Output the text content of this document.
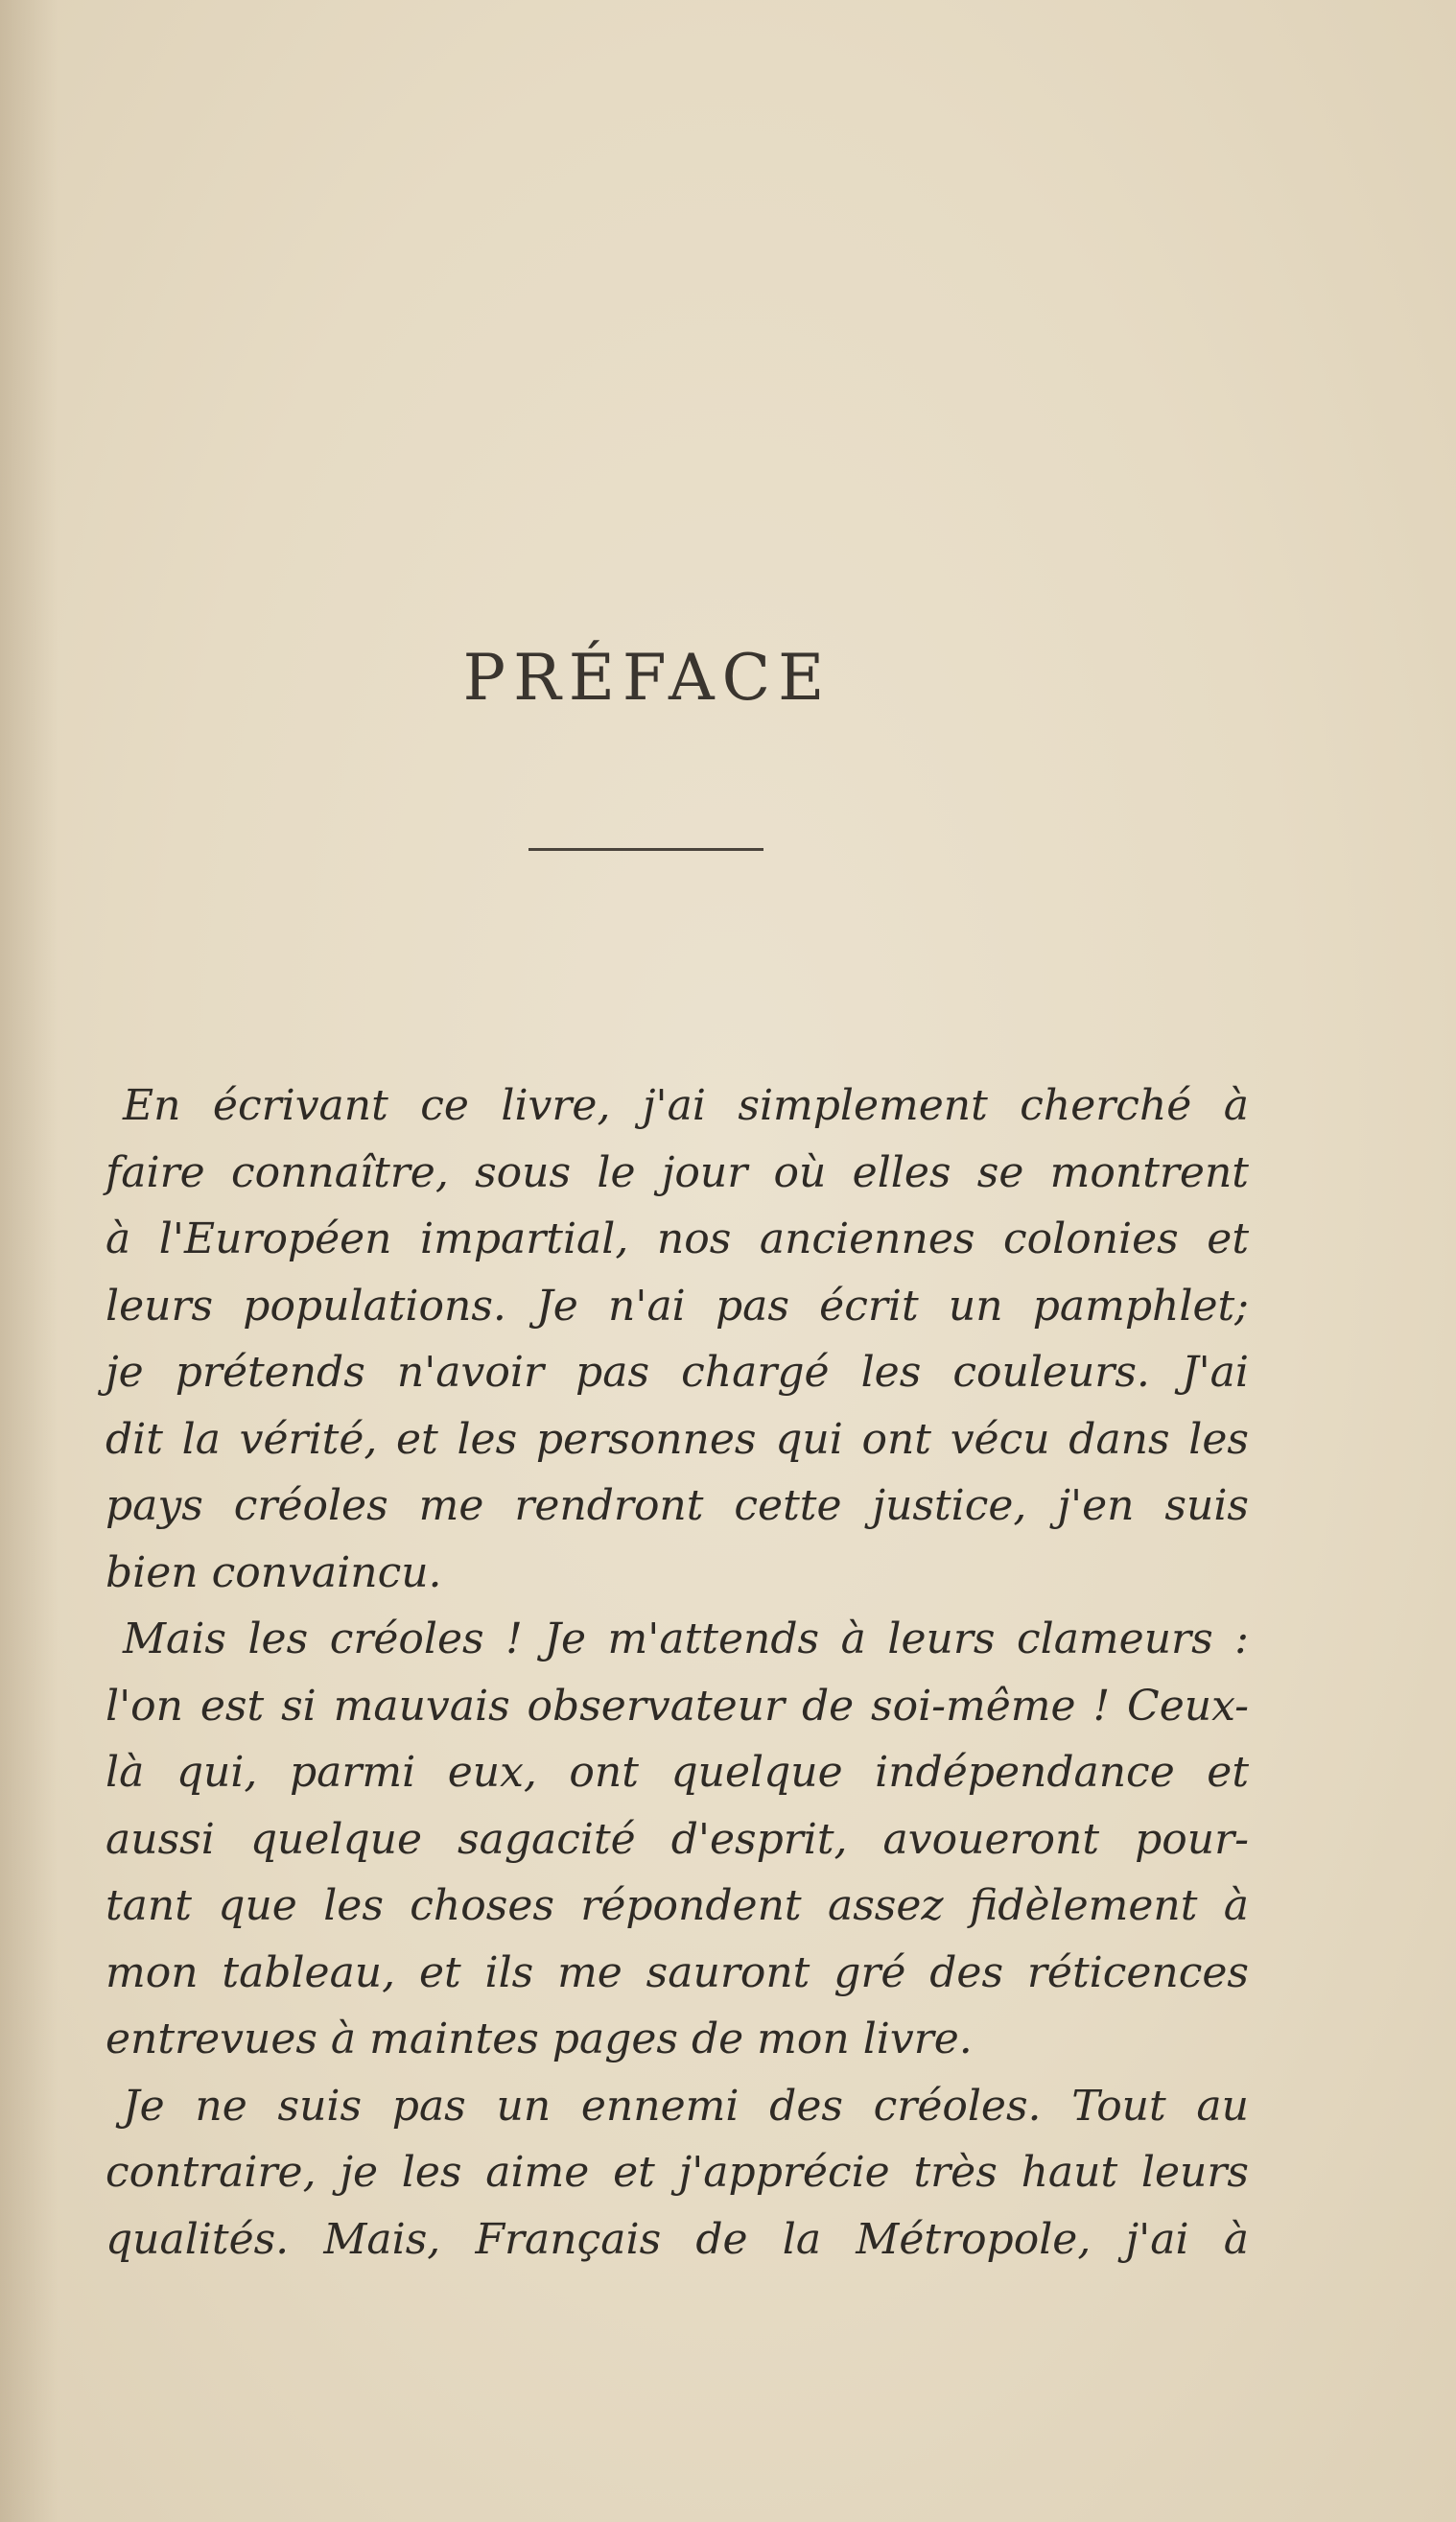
PRÉFACE
En écrivant ce livre, j'ai simplement cherché à
faire connaître, sous le jour où elles se montrent
à l'Européen impartial, nos anciennes colonies et
leurs populations. Je n'ai pas écrit un pamphlet;
je prétends n'avoir pas chargé les couleurs. J'ai
dit la vérité, et les personnes qui ont vécu dans les
pays créoles me rendront cette justice, j'en suis
bien convaincu.
Mais les créoles ! Je m'attends à leurs clameurs :
l'on est si mauvais observateur de soi-même ! Ceux-
là qui, parmi eux, ont quelque indépendance et
aussi quelque sagacité d'esprit, avoueront pour-
tant que les choses répondent assez fidèlement à
mon tableau, et ils me sauront gré des réticences
entrevues à maintes pages de mon livre.
Je ne suis pas un ennemi des créoles. Tout au
contraire, je les aime et j'apprécie très haut leurs
qualités. Mais, Français de la Métropole, j'ai à
